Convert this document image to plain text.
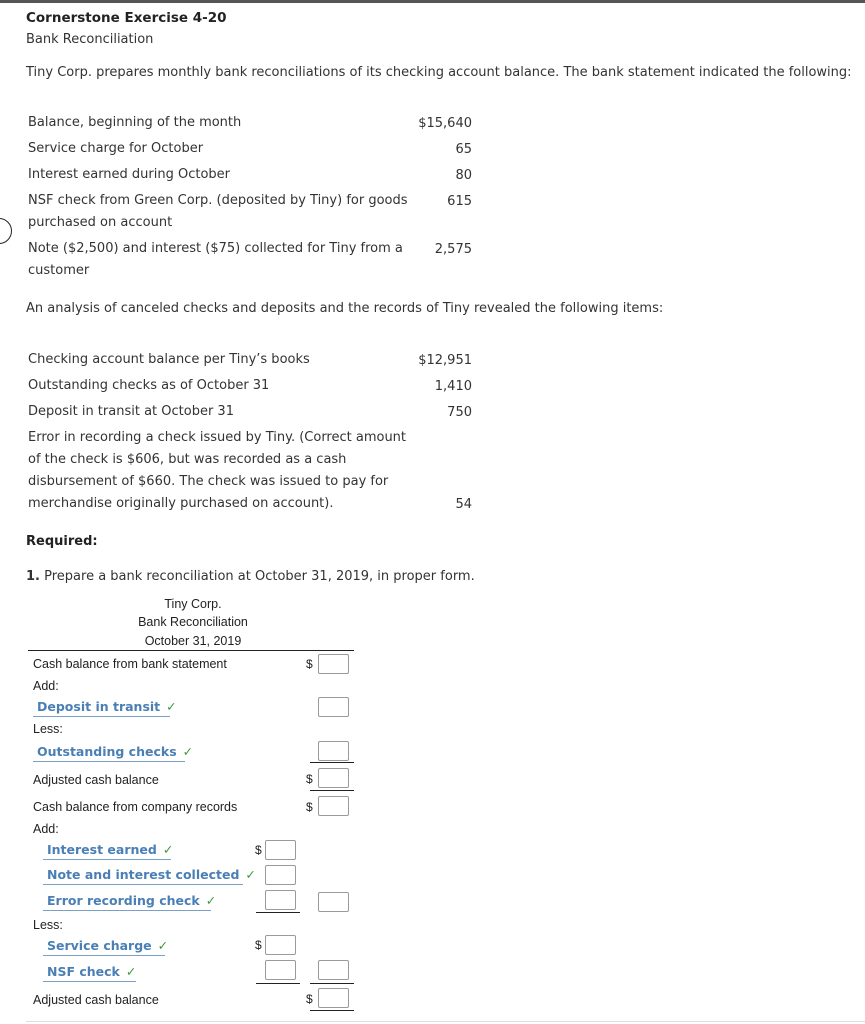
Cornerstone Exercise 4-20
Bank Reconciliation
Tiny Corp. prepares monthly bank reconciliations of its checking account balance. The bank statement indicated the following:
Balance, beginning of the month	$15,640
Service charge for October	65
Interest earned during October	80
NSF check from Green Corp. (deposited by Tiny) for goods
purchased on account
615
Note ($2,500) and interest ($75) collected for Tiny from a
customer
2,575
An analysis of canceled checks and deposits and the records of Tiny revealed the following items:
Checking account balance per Tiny’s books	$12,951
Outstanding checks as of October 31	1,410
Deposit in transit at October 31	750
Error in recording a check issued by Tiny. (Correct amount
of the check is $606, but was recorded as a cash
disbursement of $660. The check was issued to pay for
merchandise originally purchased on account).	54
Required:
1. Prepare a bank reconciliation at October 31, 2019, in proper form.
Tiny Corp.
Bank Reconciliation
October 31, 2019
Cash balance from bank statement	$
Add:
Deposit in transit ✓
Less:
Outstanding checks ✓
Adjusted cash balance	$
Cash balance from company records	$
Add:
Interest earned ✓	$
Note and interest collected ✓
Error recording check ✓
Less:
Service charge ✓	$
NSF check ✓
Adjusted cash balance	$
